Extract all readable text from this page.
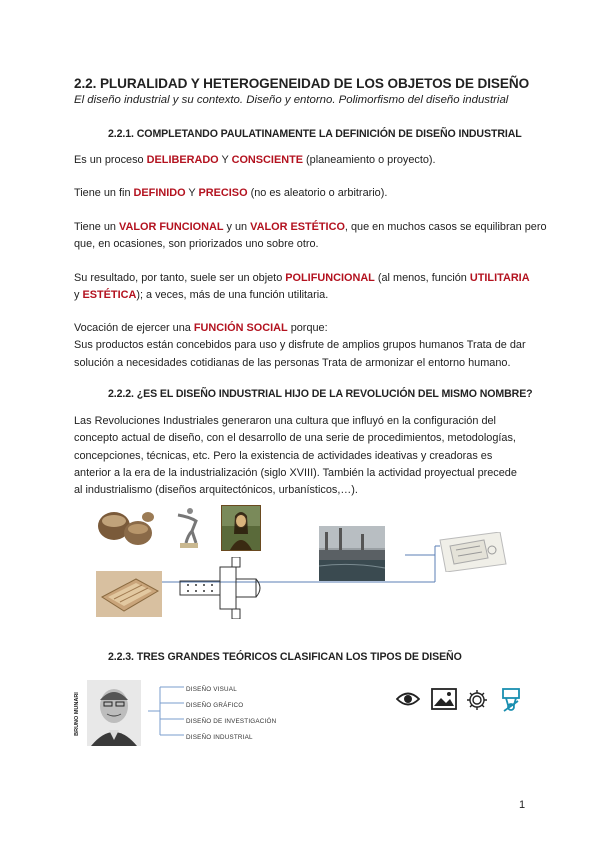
2.2. PLURALIDAD Y HETEROGENEIDAD DE LOS OBJETOS DE DISEÑO
El diseño industrial y su contexto. Diseño y entorno. Polimorfismo del diseño industrial
2.2.1. COMPLETANDO PAULATINAMENTE LA DEFINICIÓN DE DISEÑO INDUSTRIAL
Es un proceso DELIBERADO Y CONSCIENTE (planeamiento o proyecto).
Tiene un fin DEFINIDO Y PRECISO (no es aleatorio o arbitrario).
Tiene un VALOR FUNCIONAL y un VALOR ESTÉTICO, que en muchos casos se equilibran pero
que, en ocasiones, son priorizados uno sobre otro.
Su resultado, por tanto, suele ser un objeto POLIFUNCIONAL (al menos, función UTILITARIA
y ESTÉTICA); a veces, más de una función utilitaria.
Vocación de ejercer una FUNCIÓN SOCIAL porque:
Sus productos están concebidos para uso y disfrute de amplios grupos humanos Trata de dar
solución a necesidades cotidianas de las personas Trata de armonizar el entorno humano.
2.2.2. ¿ES EL DISEÑO INDUSTRIAL HIJO DE LA REVOLUCIÓN DEL MISMO NOMBRE?
Las Revoluciones Industriales generaron una cultura que influyó en la configuración del
concepto actual de diseño, con el desarrollo de una serie de procedimientos, metodologías,
concepciones, técnicas, etc. Pero la existencia de actividades ideativas y creadoras es
anterior a la era de la industrialización (siglo XVIII). También la actividad proyectual precede
al industrialismo (diseños arquitectónicos, urbanísticos,…).
2.2.3. TRES GRANDES TEÓRICOS CLASIFICAN LOS TIPOS DE DISEÑO
BRUNO MUNARI
DISEÑO VISUAL
DISEÑO GRÁFICO
DISEÑO DE INVESTIGACIÓN
DISEÑO INDUSTRIAL
1
